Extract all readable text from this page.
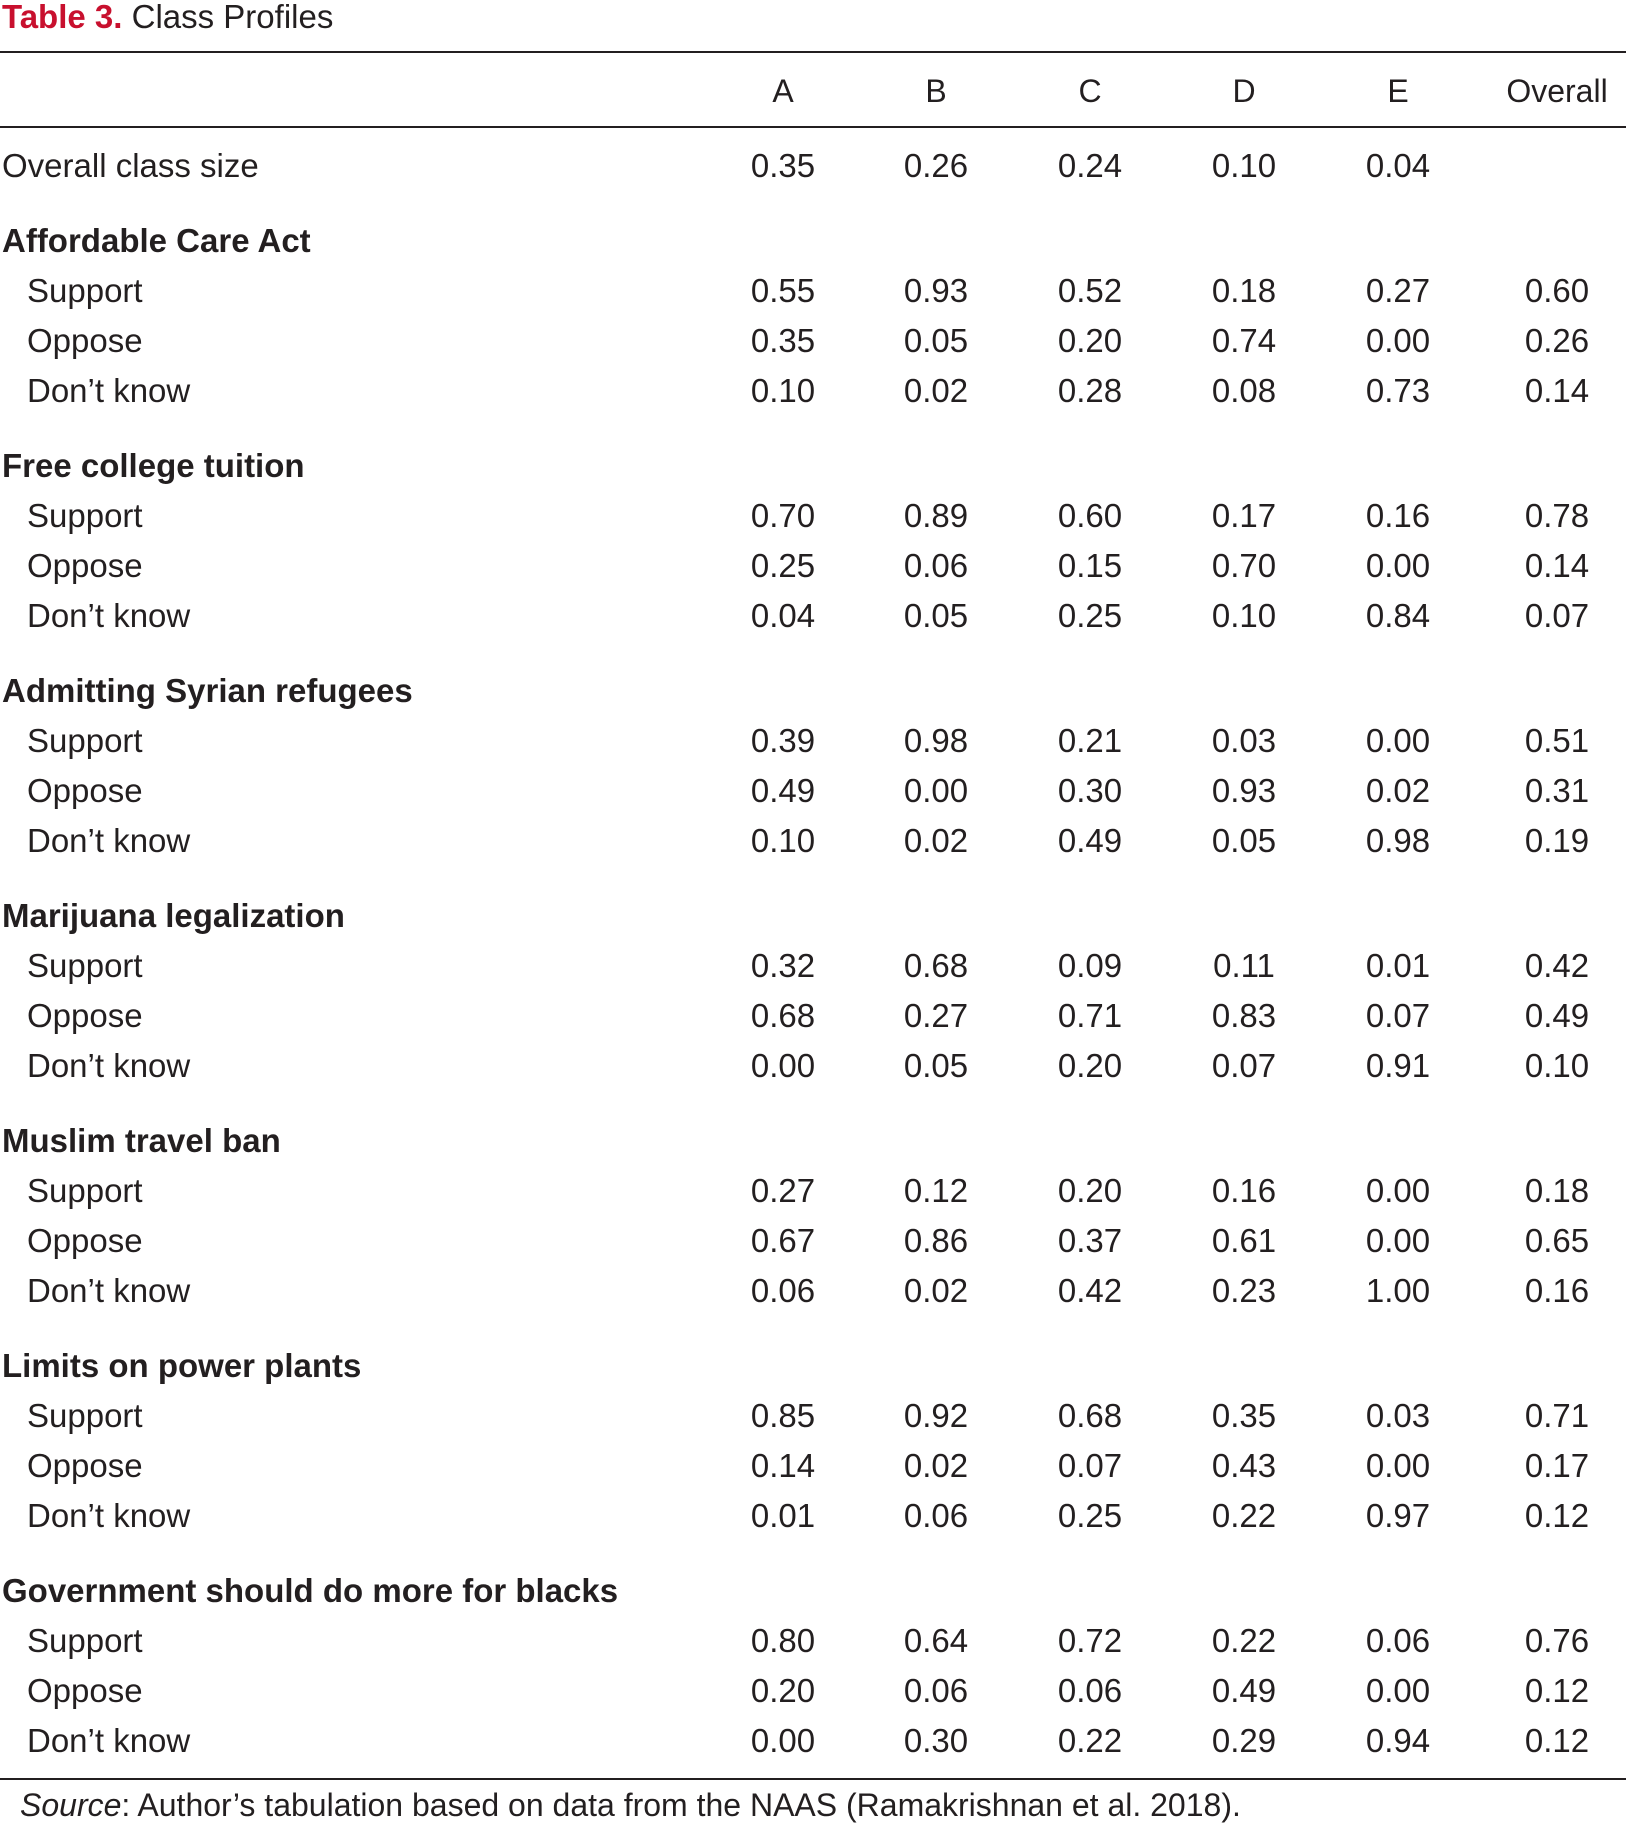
Table 3. Class Profiles
A	B	C	D	E	Overall
Overall class size	0.35	0.26	0.24	0.10	0.04
Affordable Care Act
Support	0.55	0.93	0.52	0.18	0.27	0.60
Oppose	0.35	0.05	0.20	0.74	0.00	0.26
Don’t know	0.10	0.02	0.28	0.08	0.73	0.14
Free college tuition
Support	0.70	0.89	0.60	0.17	0.16	0.78
Oppose	0.25	0.06	0.15	0.70	0.00	0.14
Don’t know	0.04	0.05	0.25	0.10	0.84	0.07
Admitting Syrian refugees
Support	0.39	0.98	0.21	0.03	0.00	0.51
Oppose	0.49	0.00	0.30	0.93	0.02	0.31
Don’t know	0.10	0.02	0.49	0.05	0.98	0.19
Marijuana legalization
Support	0.32	0.68	0.09	0.11	0.01	0.42
Oppose	0.68	0.27	0.71	0.83	0.07	0.49
Don’t know	0.00	0.05	0.20	0.07	0.91	0.10
Muslim travel ban
Support	0.27	0.12	0.20	0.16	0.00	0.18
Oppose	0.67	0.86	0.37	0.61	0.00	0.65
Don’t know	0.06	0.02	0.42	0.23	1.00	0.16
Limits on power plants
Support	0.85	0.92	0.68	0.35	0.03	0.71
Oppose	0.14	0.02	0.07	0.43	0.00	0.17
Don’t know	0.01	0.06	0.25	0.22	0.97	0.12
Government should do more for blacks
Support	0.80	0.64	0.72	0.22	0.06	0.76
Oppose	0.20	0.06	0.06	0.49	0.00	0.12
Don’t know	0.00	0.30	0.22	0.29	0.94	0.12
Source: Author’s tabulation based on data from the NAAS (Ramakrishnan et al. 2018).
